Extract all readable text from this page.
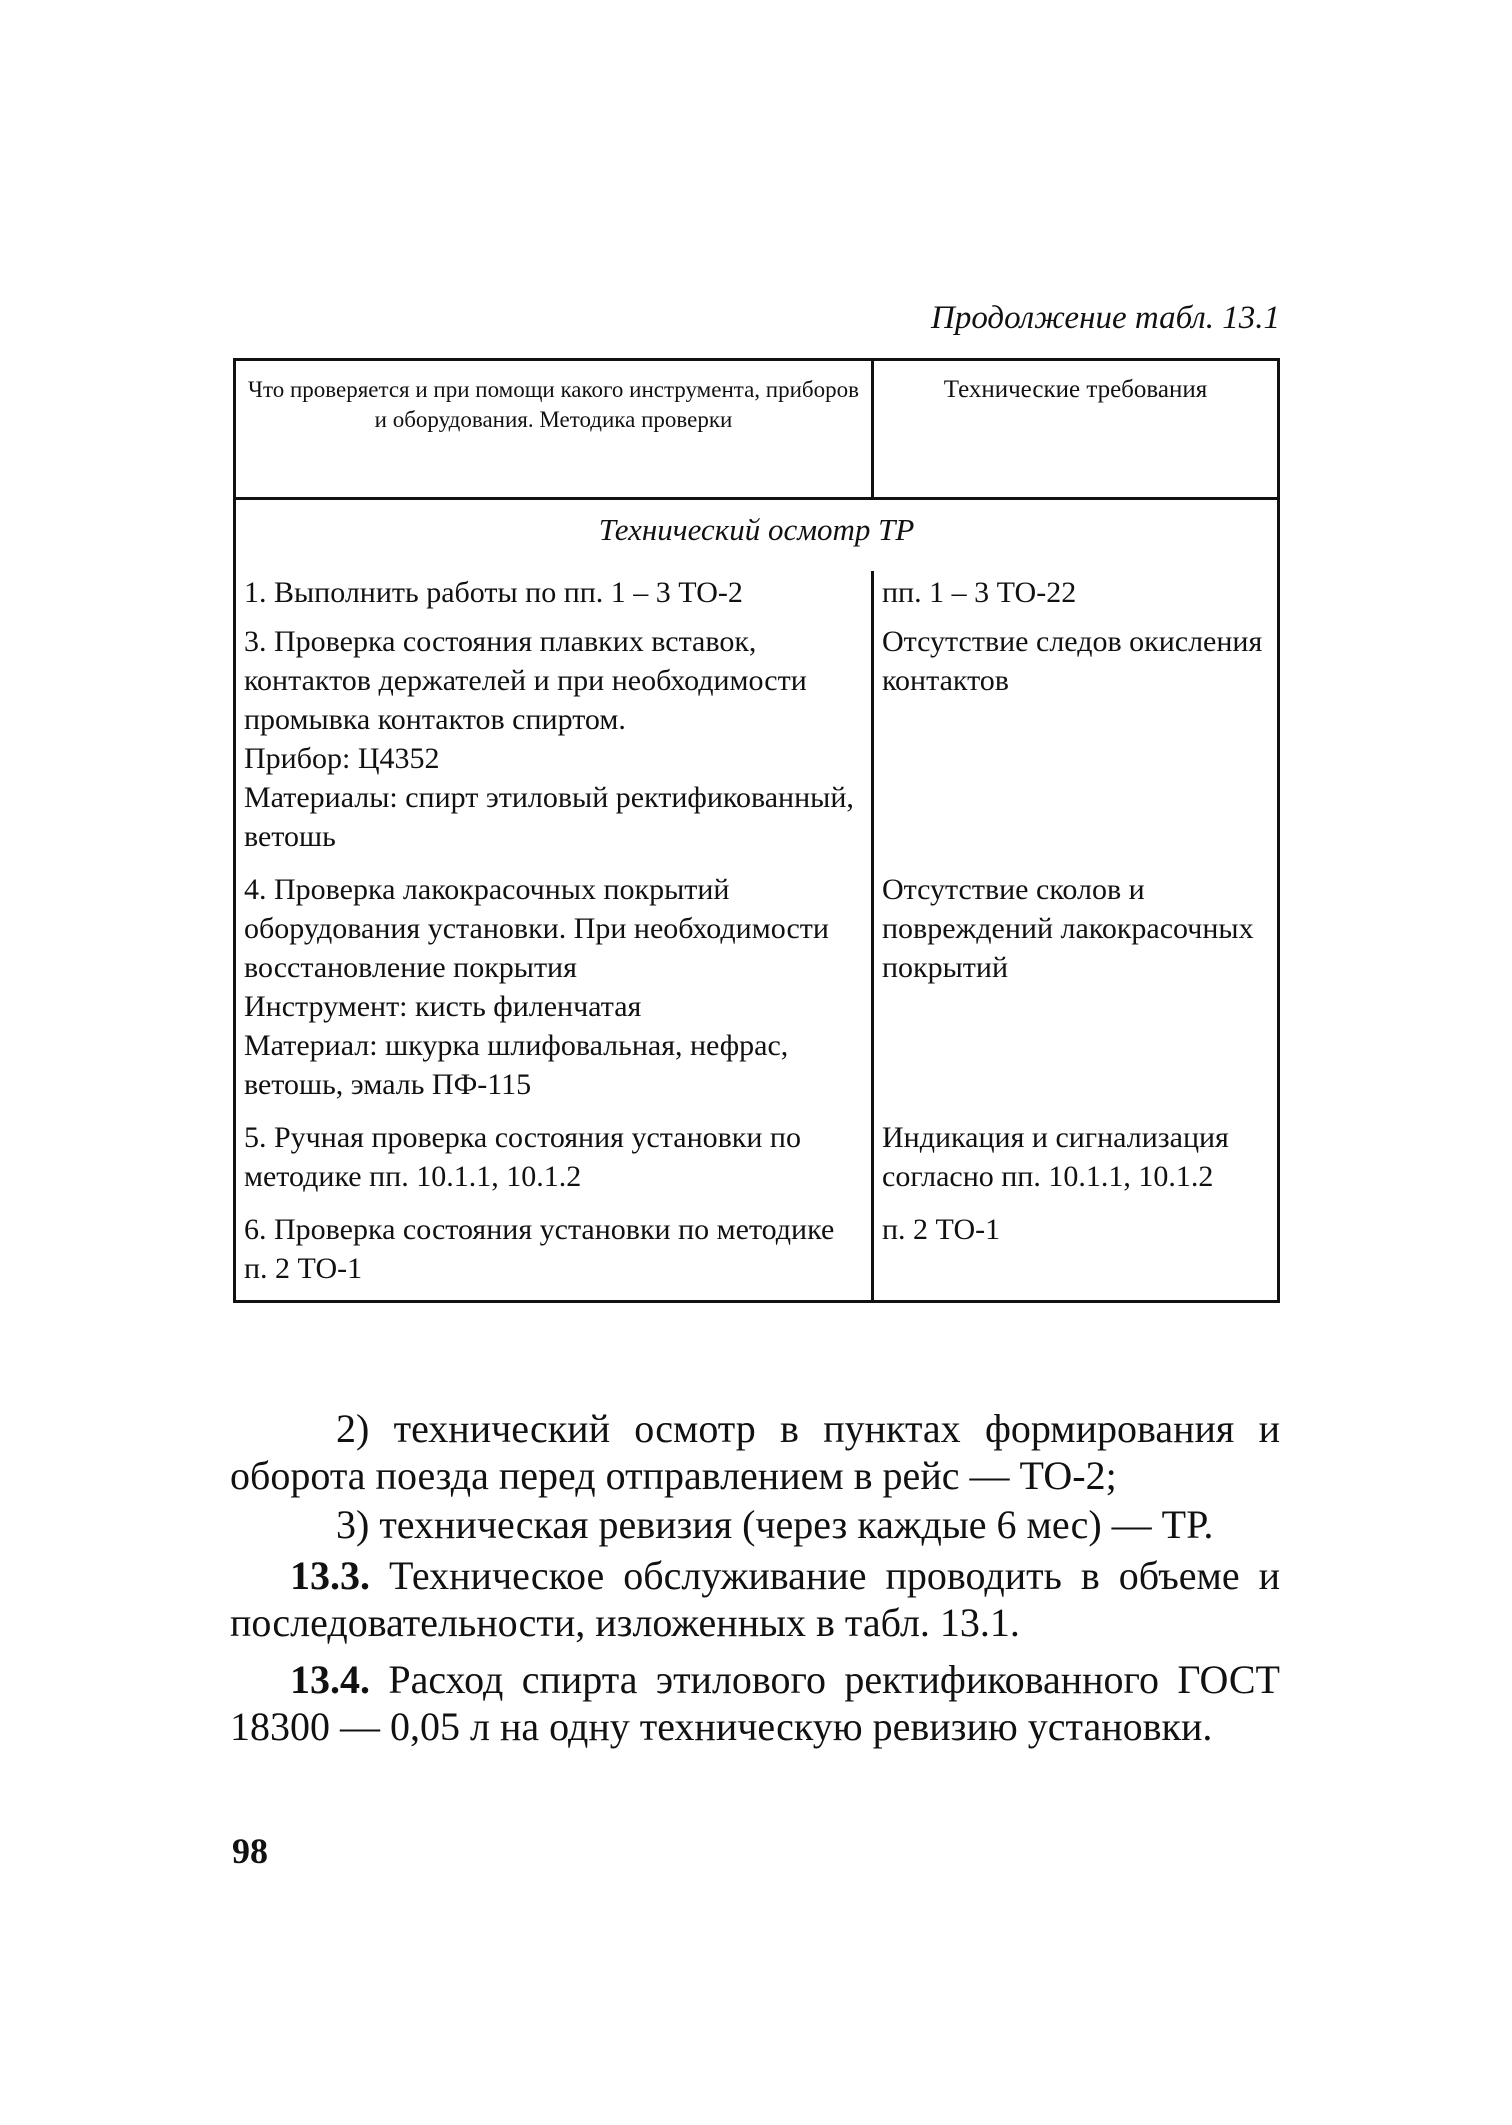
Продолжение табл. 13.1
Что проверяется и при помощи какого инструмента, приборов и оборудования. Методика проверки	Технические требования
Технический осмотр ТР	

1. Выполнить работы по пп. 1 – 3 ТО-2	пп. 1 – 3 ТО-22

3. Проверка состояния плавких вставок, контактов держателей и при необходимости промывка контактов спиртом.
Прибор: Ц4352
Материалы: спирт этиловый ректификованный, ветошь	Отсутствие следов окисления контактов

4. Проверка лакокрасочных покрытий оборудования установки. При необходимости восстановление покрытия
Инструмент: кисть филенчатая
Материал: шкурка шлифовальная, нефрас, ветошь, эмаль ПФ-115	Отсутствие сколов и повреждений лакокрасочных покрытий

5. Ручная проверка состояния установки по методике пп. 10.1.1, 10.1.2	Индикация и сигнализация согласно пп. 10.1.1, 10.1.2

6. Проверка состояния установки по методике п. 2 ТО-1	п. 2 ТО-1
2) технический осмотр в пунктах формирования и оборота поезда перед отправлением в рейс — ТО-2;
3) техническая ревизия (через каждые 6 мес) — ТР.
13.3. Техническое обслуживание проводить в объеме и последовательности, изложенных в табл. 13.1.
13.4. Расход спирта этилового ректификованного ГОСТ 18300 — 0,05 л на одну техническую ревизию установки.
98
